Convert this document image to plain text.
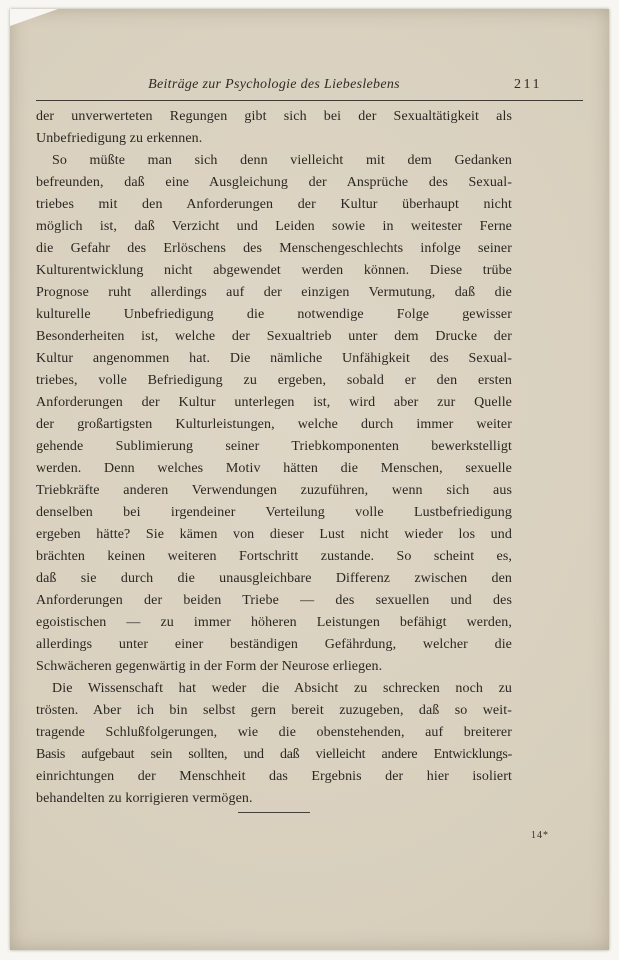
Beiträge zur Psychologie des Liebeslebens	211
der unverwerteten Regungen gibt sich bei der Sexualtätigkeit als
Unbefriedigung zu erkennen.
So müßte man sich denn vielleicht mit dem Gedanken
befreunden, daß eine Ausgleichung der Ansprüche des Sexual-
triebes mit den Anforderungen der Kultur überhaupt nicht
möglich ist, daß Verzicht und Leiden sowie in weitester Ferne
die Gefahr des Erlöschens des Menschengeschlechts infolge seiner
Kulturentwicklung nicht abgewendet werden können. Diese trübe
Prognose ruht allerdings auf der einzigen Vermutung, daß die
kulturelle Unbefriedigung die notwendige Folge gewisser
Besonderheiten ist, welche der Sexualtrieb unter dem Drucke der
Kultur angenommen hat. Die nämliche Unfähigkeit des Sexual-
triebes, volle Befriedigung zu ergeben, sobald er den ersten
Anforderungen der Kultur unterlegen ist, wird aber zur Quelle
der großartigsten Kulturleistungen, welche durch immer weiter
gehende Sublimierung seiner Triebkomponenten bewerkstelligt
werden. Denn welches Motiv hätten die Menschen, sexuelle
Triebkräfte anderen Verwendungen zuzuführen, wenn sich aus
denselben bei irgendeiner Verteilung volle Lustbefriedigung
ergeben hätte? Sie kämen von dieser Lust nicht wieder los und
brächten keinen weiteren Fortschritt zustande. So scheint es,
daß sie durch die unausgleichbare Differenz zwischen den
Anforderungen der beiden Triebe — des sexuellen und des
egoistischen — zu immer höheren Leistungen befähigt werden,
allerdings unter einer beständigen Gefährdung, welcher die
Schwächeren gegenwärtig in der Form der Neurose erliegen.
Die Wissenschaft hat weder die Absicht zu schrecken noch zu
trösten. Aber ich bin selbst gern bereit zuzugeben, daß so weit-
tragende Schlußfolgerungen, wie die obenstehenden, auf breiterer
Basis aufgebaut sein sollten, und daß vielleicht andere Entwicklungs-
einrichtungen der Menschheit das Ergebnis der hier isoliert
behandelten zu korrigieren vermögen.
14*
